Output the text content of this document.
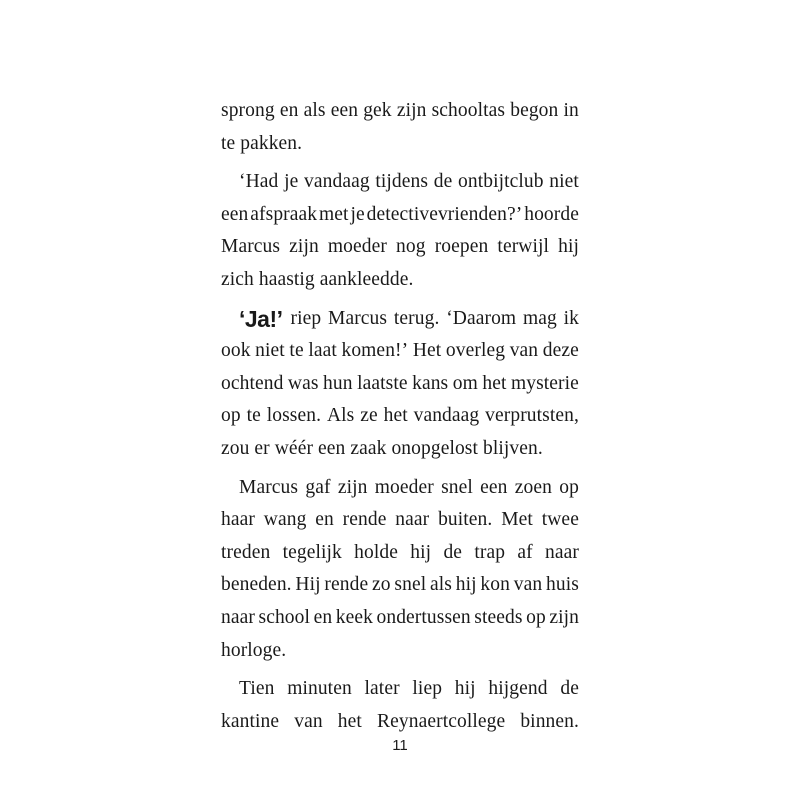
sprong en als een gek zijn schooltas begon in
te pakken.
‘Had je vandaag tijdens de ontbijtclub niet
een afspraak met je detectivevrienden?’ hoorde
Marcus zijn moeder nog roepen terwijl hij
zich haastig aankleedde.
‘Ja!’ riep Marcus terug. ‘Daarom mag ik
ook niet te laat komen!’ Het overleg van deze
ochtend was hun laatste kans om het mysterie
op te lossen. Als ze het vandaag verprutsten,
zou er wéér een zaak onopgelost blijven.
Marcus gaf zijn moeder snel een zoen op
haar wang en rende naar buiten. Met twee
treden tegelijk holde hij de trap af naar
beneden. Hij rende zo snel als hij kon van huis
naar school en keek ondertussen steeds op zijn
horloge.
Tien minuten later liep hij hijgend de
kantine van het Reynaertcollege binnen.
11
